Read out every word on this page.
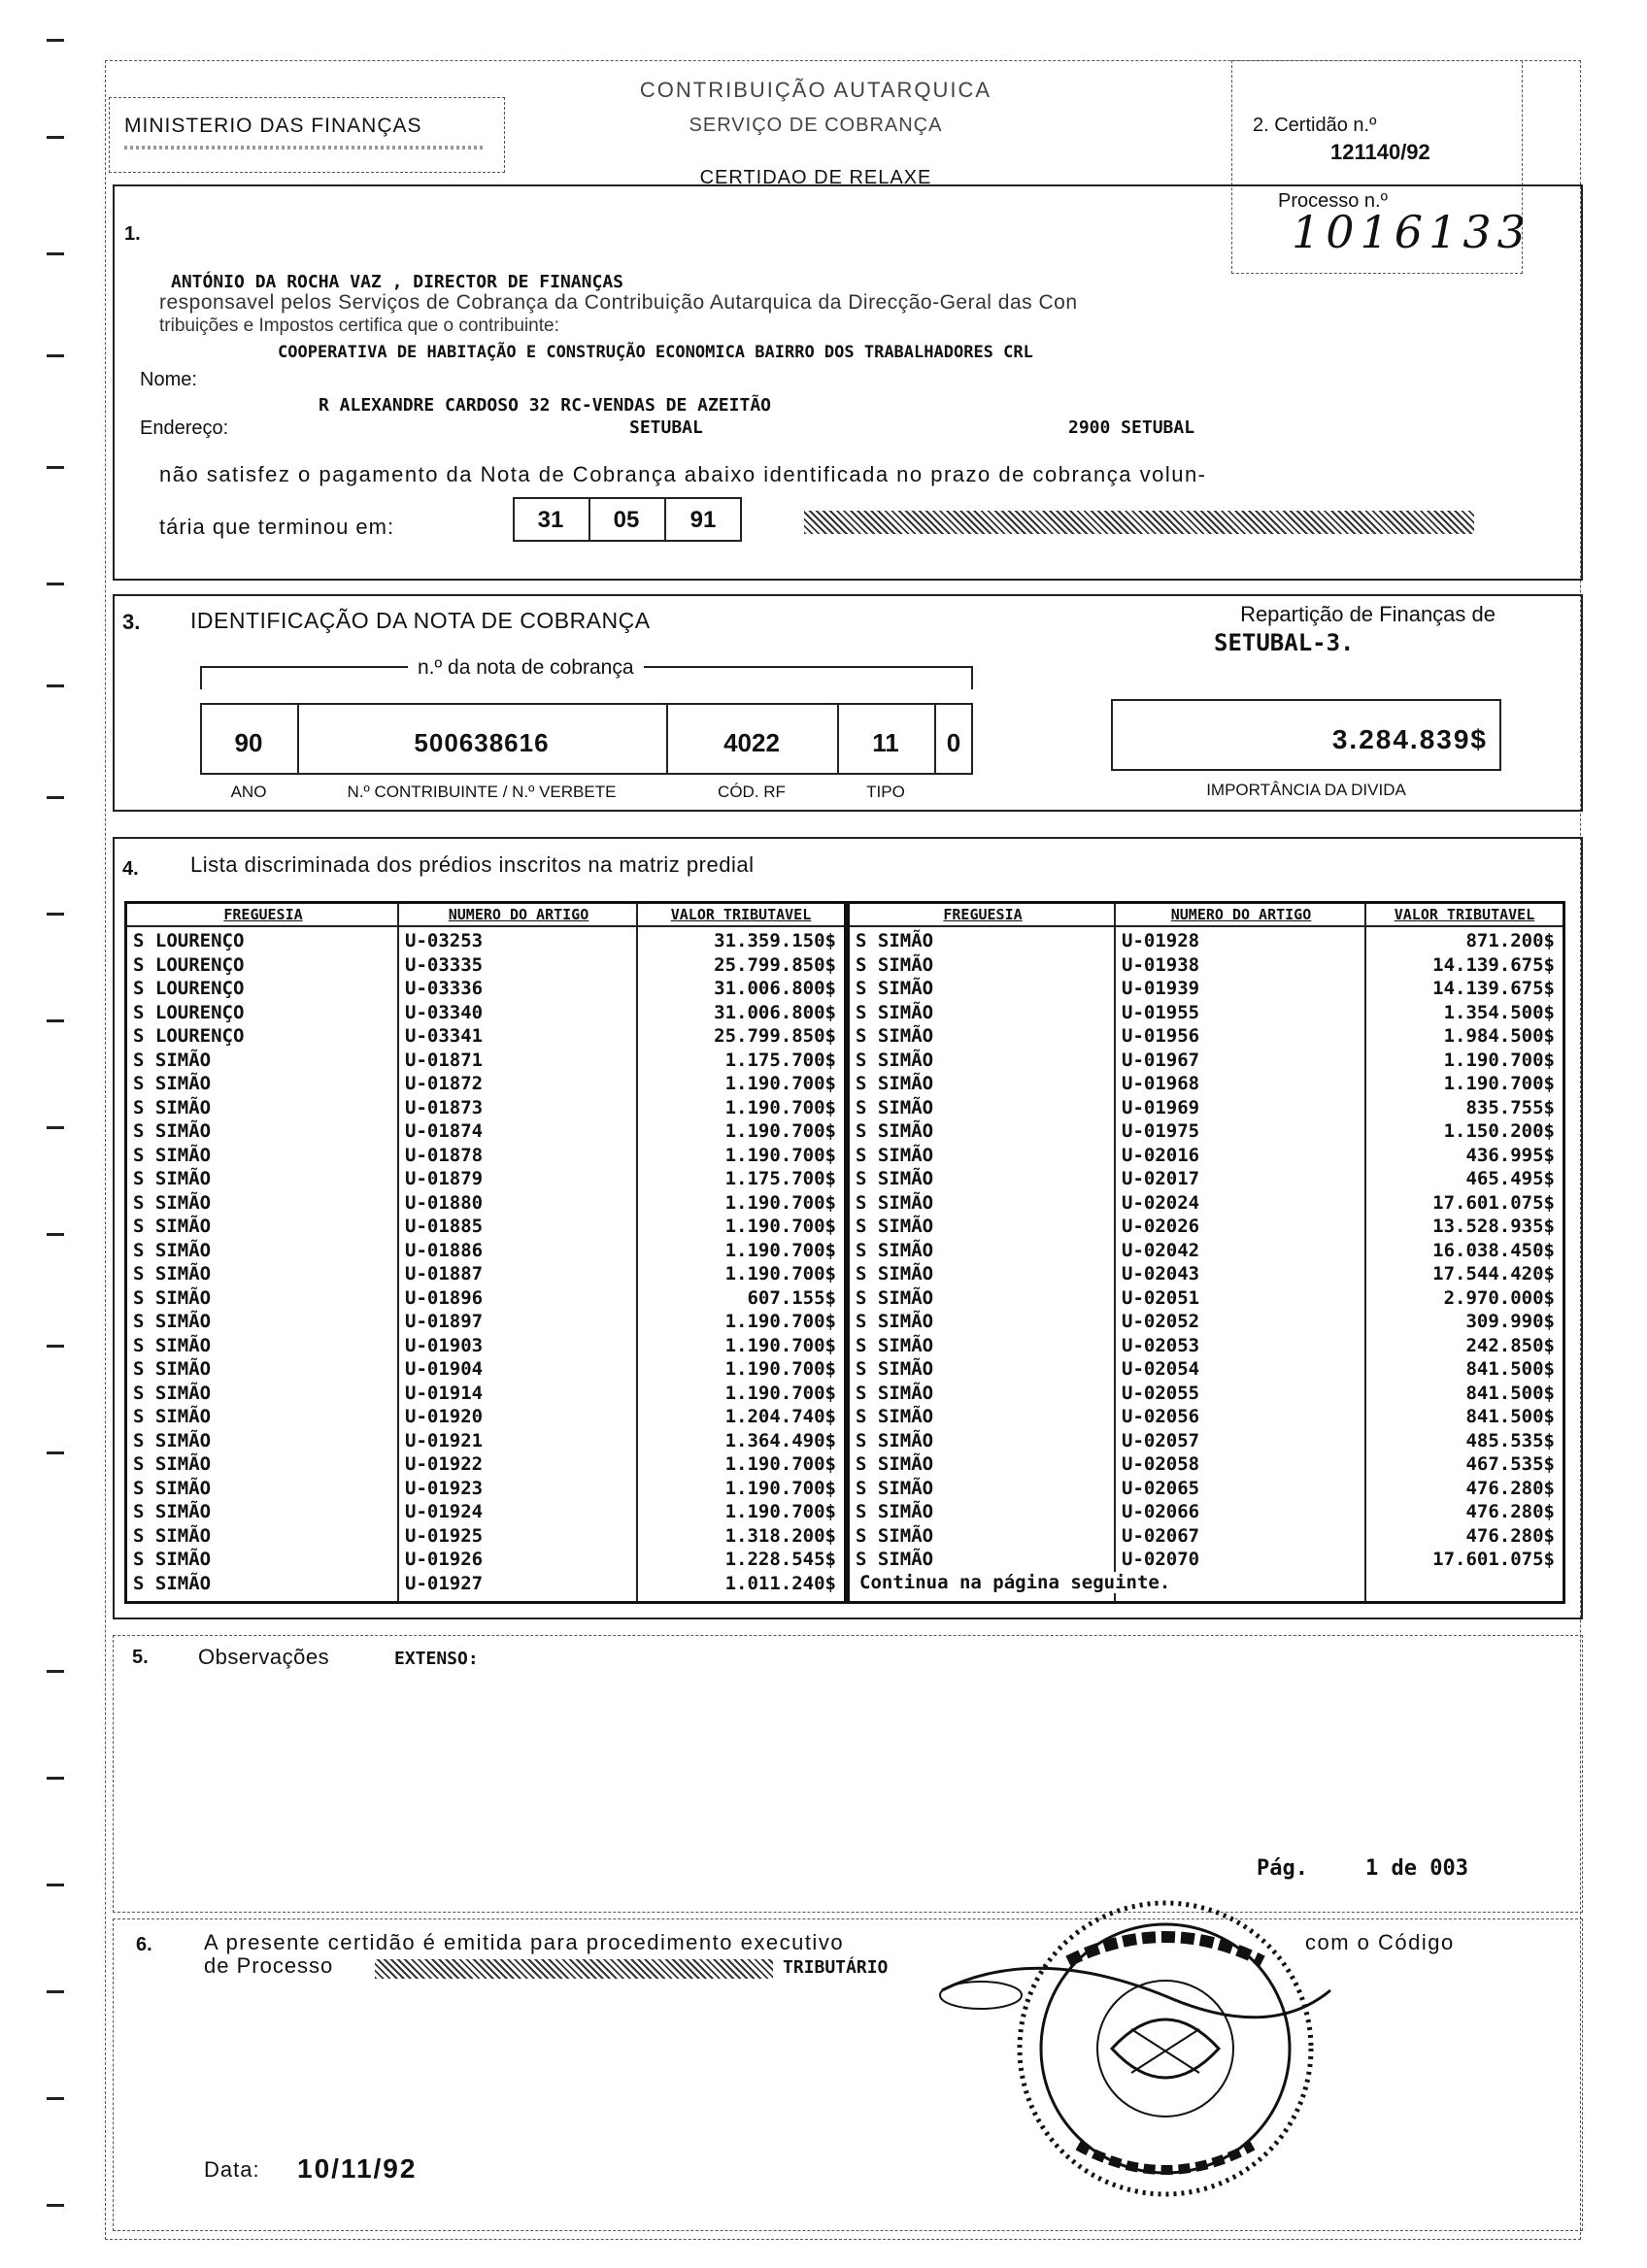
MINISTERIO DAS FINANÇAS
CONTRIBUIÇÃO AUTARQUICA
SERVIÇO DE COBRANÇA
CERTIDAO DE RELAXE
2. Certidão n.º
121140/92
Processo n.º
1016133
1.
ANTÓNIO DA ROCHA VAZ , DIRECTOR DE FINANÇAS
responsavel pelos Serviços de Cobrança da Contribuição Autarquica da Direcção-Geral das Con
tribuições e Impostos certifica que o contribuinte:
COOPERATIVA DE HABITAÇÃO E CONSTRUÇÃO ECONOMICA BAIRRO DOS TRABALHADORES CRL
Nome:
R ALEXANDRE CARDOSO 32 RC-VENDAS DE AZEITÃO
Endereço:	SETUBAL	2900 SETUBAL
não satisfez o pagamento da Nota de Cobrança abaixo identificada no prazo de cobrança volun-
tária que terminou em:	31	05	91
3. IDENTIFICAÇÃO DA NOTA DE COBRANÇA	Repartição de Finanças de
SETUBAL-3.
n.º da nota de cobrança
90	500638616	4022	11	0
ANO	N.º CONTRIBUINTE / N.º VERBETE	CÓD. RF	TIPO
3.284.839$
IMPORTÂNCIA DA DIVIDA
4. Lista discriminada dos prédios inscritos na matriz predial
FREGUESIA	NUMERO DO ARTIGO	VALOR TRIBUTAVEL
S LOURENÇO	U-03253	31.359.150$
S LOURENÇO	U-03335	25.799.850$
S LOURENÇO	U-03336	31.006.800$
S LOURENÇO	U-03340	31.006.800$
S LOURENÇO	U-03341	25.799.850$
S SIMÃO	U-01871	1.175.700$
S SIMÃO	U-01872	1.190.700$
S SIMÃO	U-01873	1.190.700$
S SIMÃO	U-01874	1.190.700$
S SIMÃO	U-01878	1.190.700$
S SIMÃO	U-01879	1.175.700$
S SIMÃO	U-01880	1.190.700$
S SIMÃO	U-01885	1.190.700$
S SIMÃO	U-01886	1.190.700$
S SIMÃO	U-01887	1.190.700$
S SIMÃO	U-01896	607.155$
S SIMÃO	U-01897	1.190.700$
S SIMÃO	U-01903	1.190.700$
S SIMÃO	U-01904	1.190.700$
S SIMÃO	U-01914	1.190.700$
S SIMÃO	U-01920	1.204.740$
S SIMÃO	U-01921	1.364.490$
S SIMÃO	U-01922	1.190.700$
S SIMÃO	U-01923	1.190.700$
S SIMÃO	U-01924	1.190.700$
S SIMÃO	U-01925	1.318.200$
S SIMÃO	U-01926	1.228.545$
S SIMÃO	U-01927	1.011.240$
FREGUESIA	NUMERO DO ARTIGO	VALOR TRIBUTAVEL
S SIMÃO	U-01928	871.200$
S SIMÃO	U-01938	14.139.675$
S SIMÃO	U-01939	14.139.675$
S SIMÃO	U-01955	1.354.500$
S SIMÃO	U-01956	1.984.500$
S SIMÃO	U-01967	1.190.700$
S SIMÃO	U-01968	1.190.700$
S SIMÃO	U-01969	835.755$
S SIMÃO	U-01975	1.150.200$
S SIMÃO	U-02016	436.995$
S SIMÃO	U-02017	465.495$
S SIMÃO	U-02024	17.601.075$
S SIMÃO	U-02026	13.528.935$
S SIMÃO	U-02042	16.038.450$
S SIMÃO	U-02043	17.544.420$
S SIMÃO	U-02051	2.970.000$
S SIMÃO	U-02052	309.990$
S SIMÃO	U-02053	242.850$
S SIMÃO	U-02054	841.500$
S SIMÃO	U-02055	841.500$
S SIMÃO	U-02056	841.500$
S SIMÃO	U-02057	485.535$
S SIMÃO	U-02058	467.535$
S SIMÃO	U-02065	476.280$
S SIMÃO	U-02066	476.280$
S SIMÃO	U-02067	476.280$
S SIMÃO	U-02070	17.601.075$
Continua na página seguinte.
5. Observações	EXTENSO:
Pág.	1 de 003
6. A presente certidão é emitida para procedimento executivo	com o Código
de Processo	TRIBUTÁRIO
Data: 10/11/92
